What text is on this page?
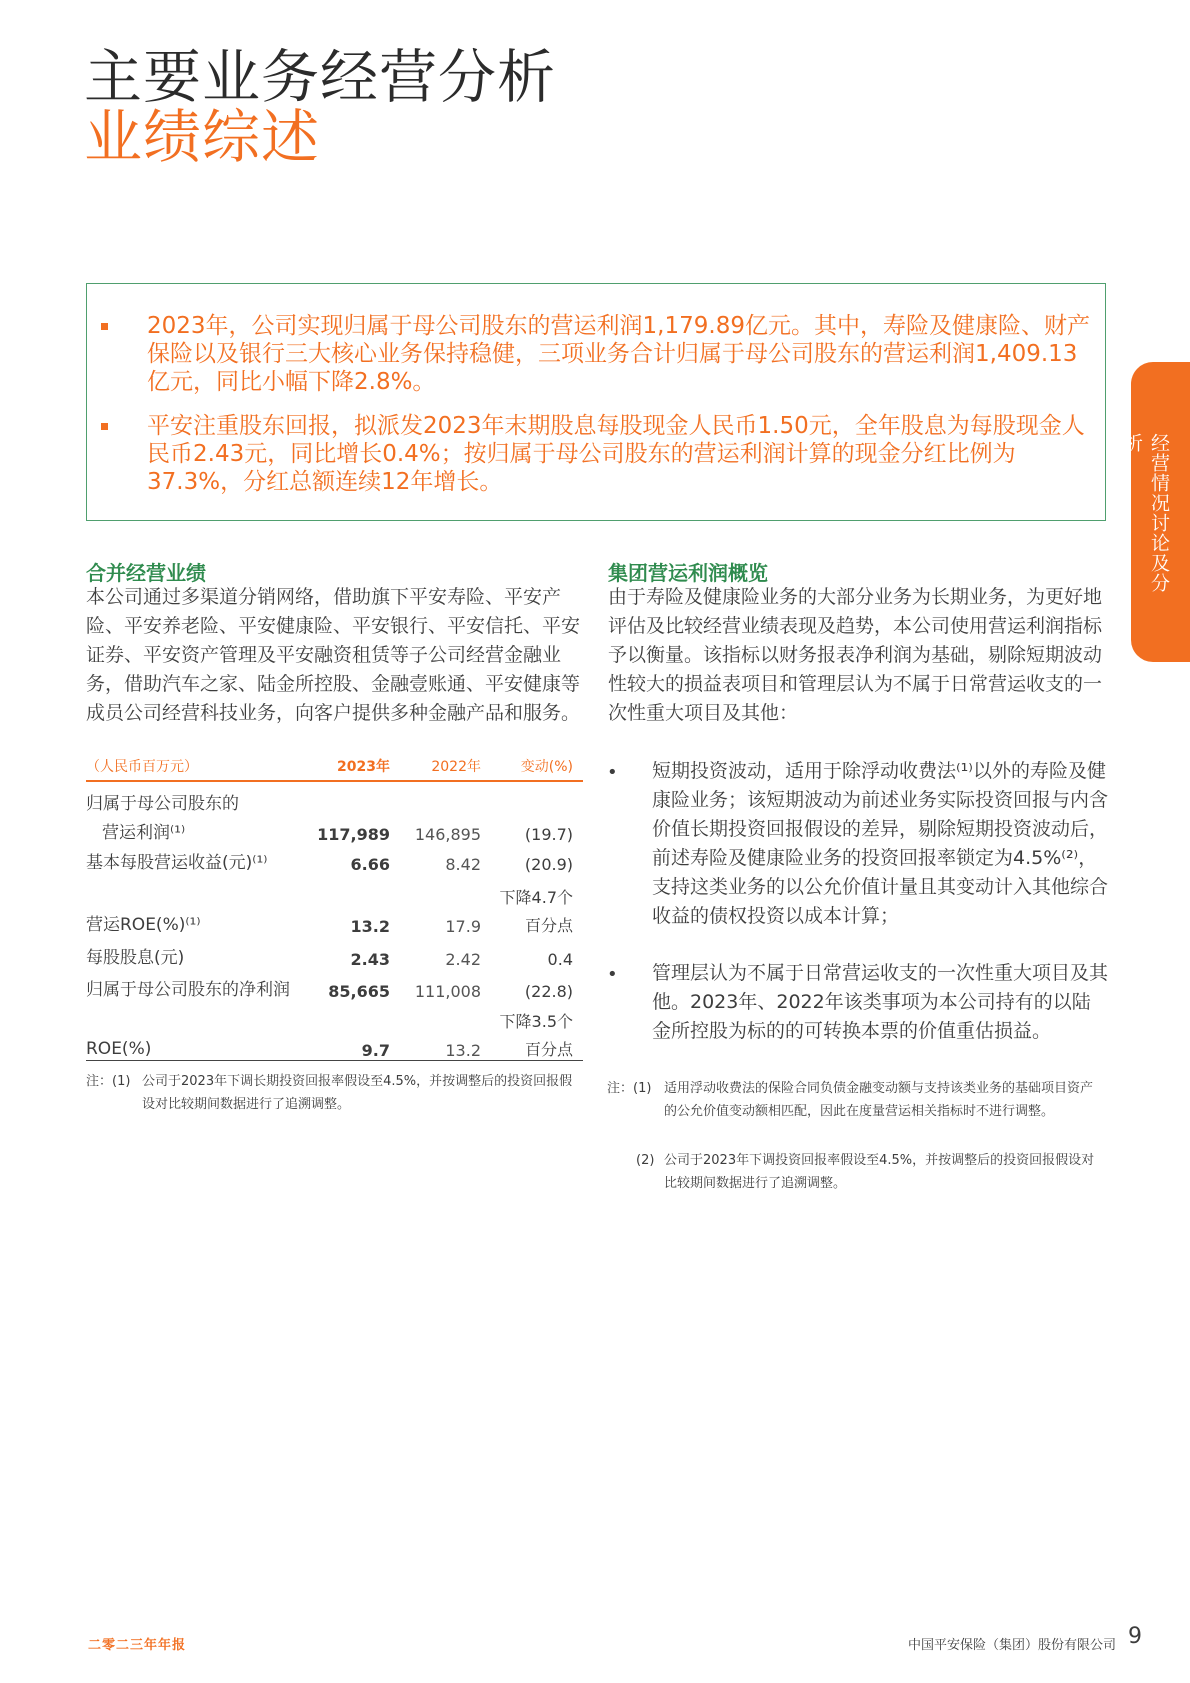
主要业务经营分析
业绩综述
2023年，公司实现归属于母公司股东的营运利润1,179.89亿元。其中，寿险及健康险、财产保险以及银行三大核心业务保持稳健，三项业务合计归属于母公司股东的营运利润1,409.13亿元，同比小幅下降2.8%。
平安注重股东回报，拟派发2023年末期股息每股现金人民币1.50元，全年股息为每股现金人民币2.43元，同比增长0.4%；按归属于母公司股东的营运利润计算的现金分红比例为37.3%，分红总额连续12年增长。	经营情况讨论及分析
合并经营业绩
本公司通过多渠道分销网络，借助旗下平安寿险、平安产险、平安养老险、平安健康险、平安银行、平安信托、平安证券、平安资产管理及平安融资租赁等子公司经营金融业务，借助汽车之家、陆金所控股、金融壹账通、平安健康等成员公司经营科技业务，向客户提供多种金融产品和服务。
（人民币百万元）	2023年	2022年	变动(%)
归属于母公司股东的
营运利润⁽¹⁾	117,989 146,895	(19.7)
基本每股营运收益(元)⁽¹⁾	6.66	8.42	(20.9)
营运ROE(%)⁽¹⁾	13.2	17.9
下降4.7个
百分点
每股股息(元)	2.43	2.42	0.4
归属于母公司股东的净利润 85,665 111,008	(22.8)
ROE(%)	9.7	13.2
下降3.5个
百分点
注：(1) 公司于2023年下调长期投资回报率假设至4.5%，并按调整后的投资回报假设对比较期间数据进行了追溯调整。
集团营运利润概览
由于寿险及健康险业务的大部分业务为长期业务，为更好地评估及比较经营业绩表现及趋势，本公司使用营运利润指标予以衡量。该指标以财务报表净利润为基础，剔除短期波动性较大的损益表项目和管理层认为不属于日常营运收支的一次性重大项目及其他：
• 短期投资波动，适用于除浮动收费法⁽¹⁾以外的寿险及健康险业务；该短期波动为前述业务实际投资回报与内含价值长期投资回报假设的差异，剔除短期投资波动后，前述寿险及健康险业务的投资回报率锁定为4.5%⁽²⁾，支持这类业务的以公允价值计量且其变动计入其他综合收益的债权投资以成本计算；
• 管理层认为不属于日常营运收支的一次性重大项目及其他。2023年、2022年该类事项为本公司持有的以陆金所控股为标的的可转换本票的价值重估损益。
注：(1) 适用浮动收费法的保险合同负债金融变动额与支持该类业务的基础项目资产的公允价值变动额相匹配，因此在度量营运相关指标时不进行调整。
(2) 公司于2023年下调投资回报率假设至4.5%，并按调整后的投资回报假设对比较期间数据进行了追溯调整。
二零二三年年报	中国平安保险（集团）股份有限公司 9
